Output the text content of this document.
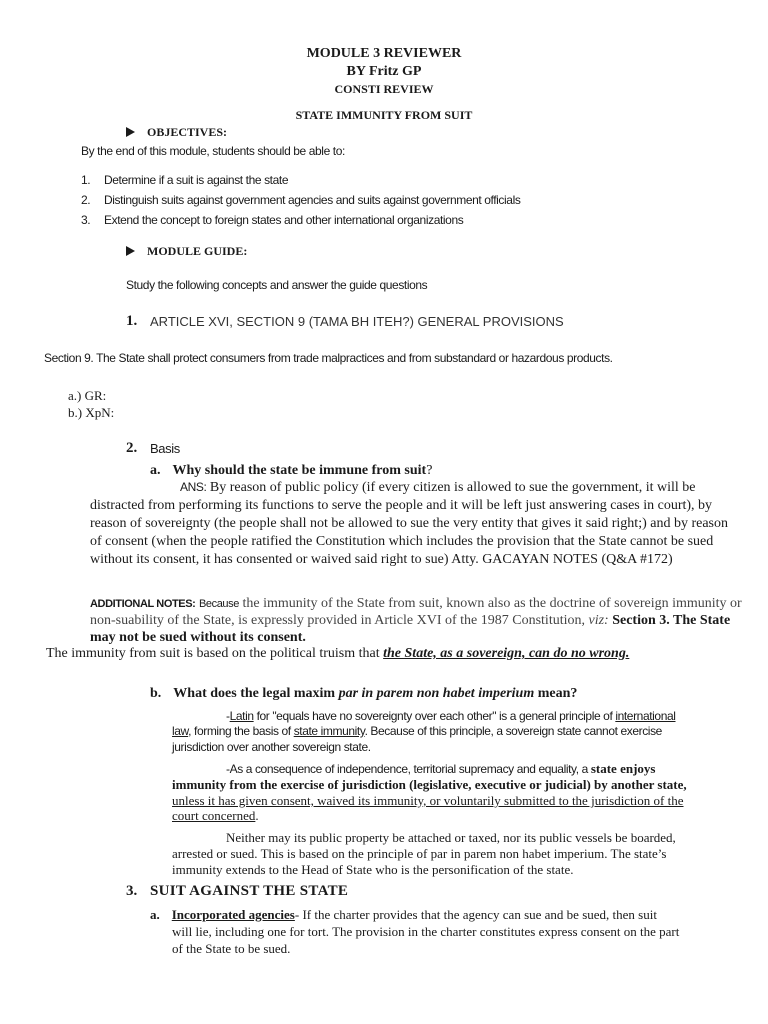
MODULE 3 REVIEWER
BY Fritz GP
CONSTI REVIEW
STATE IMMUNITY FROM SUIT
OBJECTIVES:
By the end of this module, students should be able to:
1. Determine if a suit is against the state
2. Distinguish suits against government agencies and suits against government officials
3. Extend the concept to foreign states and other international organizations
MODULE GUIDE:
Study the following concepts and answer the guide questions
1. ARTICLE XVI, SECTION 9 (TAMA BH ITEH?) GENERAL PROVISIONS
Section 9. The State shall protect consumers from trade malpractices and from substandard or hazardous products.
a.) GR:
b.) XpN:
2. Basis
a. Why should the state be immune from suit?
ANS: By reason of public policy (if every citizen is allowed to sue the government, it will be
distracted from performing its functions to serve the people and it will be left just answering cases in court), by
reason of sovereignty (the people shall not be allowed to sue the very entity that gives it said right;) and by reason
of consent (when the people ratified the Constitution which includes the provision that the State cannot be sued
without its consent, it has consented or waived said right to sue) Atty. GACAYAN NOTES (Q&A #172)
ADDITIONAL NOTES: Because the immunity of the State from suit, known also as the doctrine of sovereign immunity or
non-suability of the State, is expressly provided in Article XVI of the 1987 Constitution, viz: Section 3. The State
may not be sued without its consent.
The immunity from suit is based on the political truism that the State, as a sovereign, can do no wrong.
b. What does the legal maxim par in parem non habet imperium mean?
-Latin for "equals have no sovereignty over each other" is a general principle of international
law, forming the basis of state immunity. Because of this principle, a sovereign state cannot exercise
jurisdiction over another sovereign state.
-As a consequence of independence, territorial supremacy and equality, a state enjoys
immunity from the exercise of jurisdiction (legislative, executive or judicial) by another state,
unless it has given consent, waived its immunity, or voluntarily submitted to the jurisdiction of the
court concerned.
Neither may its public property be attached or taxed, nor its public vessels be boarded,
arrested or sued. This is based on the principle of par in parem non habet imperium. The state’s
immunity extends to the Head of State who is the personification of the state.
3. SUIT AGAINST THE STATE
a. Incorporated agencies- If the charter provides that the agency can sue and be sued, then suit
will lie, including one for tort. The provision in the charter constitutes express consent on the part
of the State to be sued.
